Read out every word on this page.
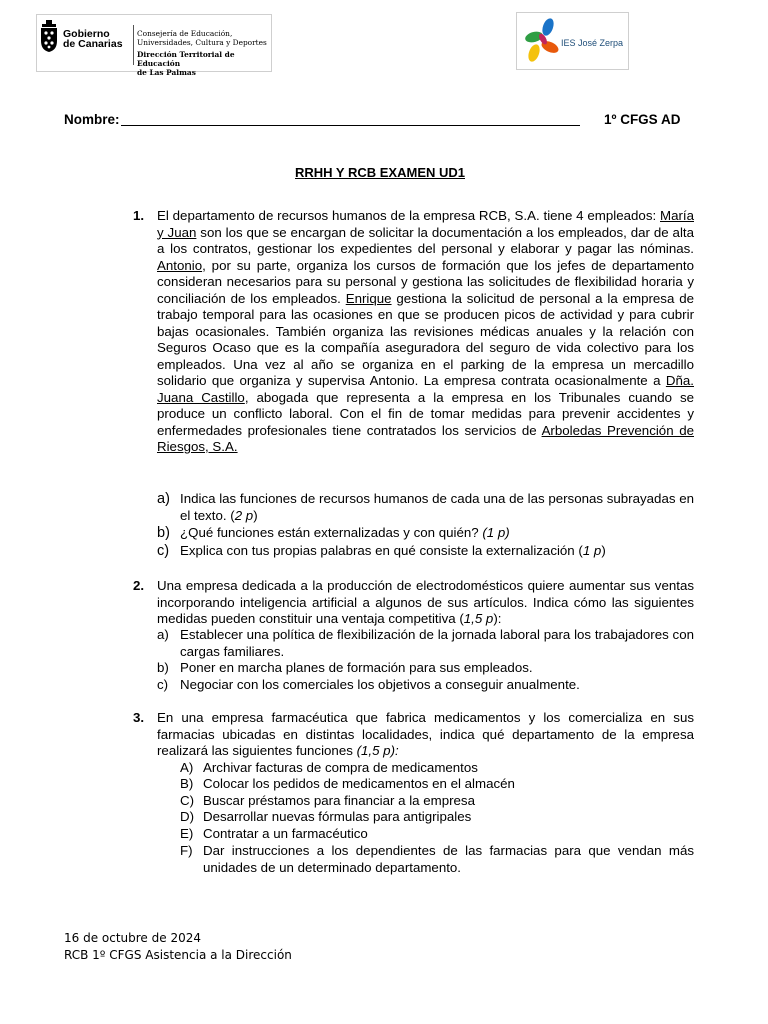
Gobierno
de Canarias
Consejería de Educación,
Universidades, Cultura y Deportes
Dirección Territorial de Educación
de Las Palmas
IES José Zerpa
Nombre:	1º CFGS AD
RRHH Y RCB EXAMEN UD1
1. El departamento de recursos humanos de la empresa RCB, S.A. tiene 4 empleados: María y Juan son los que se encargan de solicitar la documentación a los empleados, dar de alta a los contratos, gestionar los expedientes del personal y elaborar y pagar las nóminas. Antonio, por su parte, organiza los cursos de formación que los jefes de departamento consideran necesarios para su personal y gestiona las solicitudes de flexibilidad horaria y conciliación de los empleados. Enrique gestiona la solicitud de personal a la empresa de trabajo temporal para las ocasiones en que se producen picos de actividad y para cubrir bajas ocasionales. También organiza las revisiones médicas anuales y la relación con Seguros Ocaso que es la compañía aseguradora del seguro de vida colectivo para los empleados. Una vez al año se organiza en el parking de la empresa un mercadillo solidario que organiza y supervisa Antonio. La empresa contrata ocasionalmente a Dña. Juana Castillo, abogada que representa a la empresa en los Tribunales cuando se produce un conflicto laboral. Con el fin de tomar medidas para prevenir accidentes y enfermedades profesionales tiene contratados los servicios de Arboledas Prevención de Riesgos, S.A.
a) Indica las funciones de recursos humanos de cada una de las personas subrayadas en el texto. (2 p)
b) ¿Qué funciones están externalizadas y con quién? (1 p)
c) Explica con tus propias palabras en qué consiste la externalización (1 p)
2. Una empresa dedicada a la producción de electrodomésticos quiere aumentar sus ventas incorporando inteligencia artificial a algunos de sus artículos. Indica cómo las siguientes medidas pueden constituir una ventaja competitiva (1,5 p):
a) Establecer una política de flexibilización de la jornada laboral para los trabajadores con cargas familiares.
b) Poner en marcha planes de formación para sus empleados.
c) Negociar con los comerciales los objetivos a conseguir anualmente.
3. En una empresa farmacéutica que fabrica medicamentos y los comercializa en sus farmacias ubicadas en distintas localidades, indica qué departamento de la empresa realizará las siguientes funciones (1,5 p):
A) Archivar facturas de compra de medicamentos
B) Colocar los pedidos de medicamentos en el almacén
C) Buscar préstamos para financiar a la empresa
D) Desarrollar nuevas fórmulas para antigripales
E) Contratar a un farmacéutico
F) Dar instrucciones a los dependientes de las farmacias para que vendan más unidades de un determinado departamento.
16 de octubre de 2024
RCB 1º CFGS Asistencia a la Dirección
